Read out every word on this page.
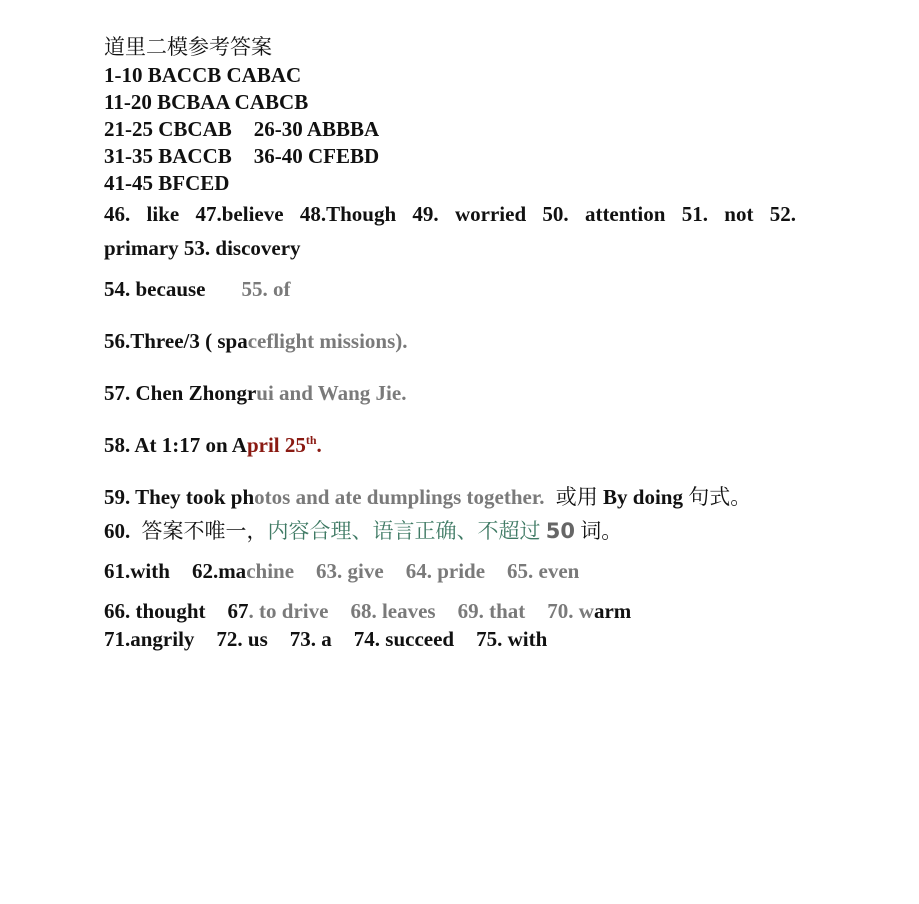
道里二模参考答案
1-10 BACCB CABAC
11-20 BCBAA CABCB
21-25 CBCAB 26-30 ABBBA
31-35 BACCB 36-40 CFEBD
41-45 BFCED
46. like 47.believe 48.Though 49. worried 50. attention 51. not 52.
primary 53. discovery
54. because 55. of
56.Three/3 ( spaceflight missions).
57. Chen Zhongrui and Wang Jie.
58. At 1:17 on April 25th.
59. They took photos and ate dumplings together. 或用 By doing 句式。
60. 答案不唯一，内容合理、语言正确、不超过 50 词。
61.with 62.machine 63. give 64. pride 65. even
66. thought 67. to drive 68. leaves 69. that 70. warm
71.angrily 72. us 73. a 74. succeed 75. with
